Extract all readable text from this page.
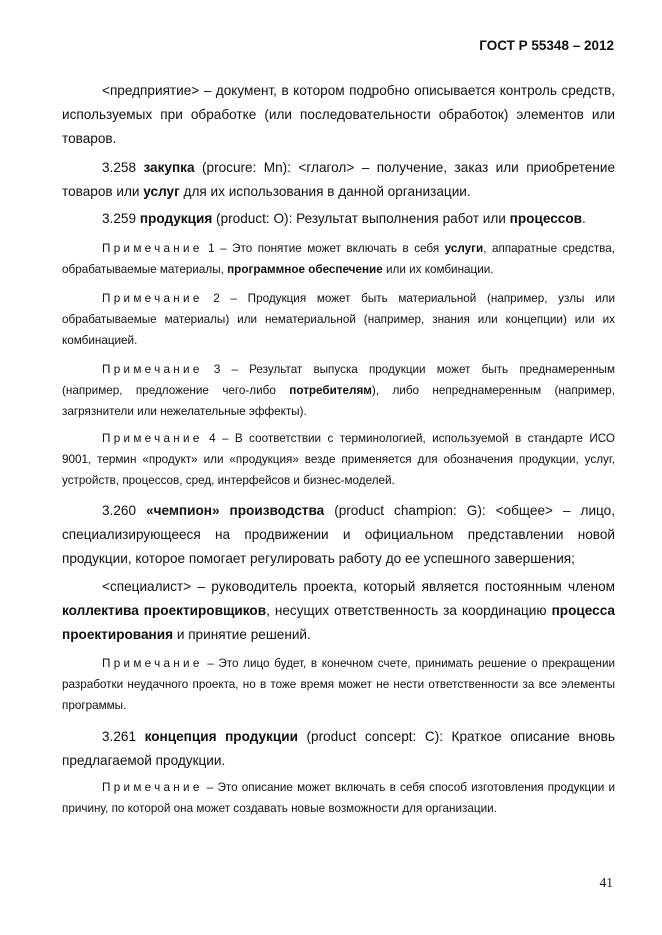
ГОСТ Р 55348 – 2012

<предприятие> – документ, в котором подробно описывается контроль средств, используемых при обработке (или последовательности обработок) элементов или товаров.

3.258 закупка (procure: Mn): <глагол> – получение, заказ или приобретение товаров или услуг для их использования в данной организации.

3.259 продукция (product: O): Результат выполнения работ или процессов.

Примечание 1 – Это понятие может включать в себя услуги, аппаратные средства, обрабатываемые материалы, программное обеспечение или их комбинации.

Примечание 2 – Продукция может быть материальной (например, узлы или обрабатываемые материалы) или нематериальной (например, знания или концепции) или их комбинацией.

Примечание 3 – Результат выпуска продукции может быть преднамеренным (например, предложение чего-либо потребителям), либо непреднамеренным (например, загрязнители или нежелательные эффекты).

Примечание 4 – В соответствии с терминологией, используемой в стандарте ИСО 9001, термин «продукт» или «продукция» везде применяется для обозначения продукции, услуг, устройств, процессов, сред, интерфейсов и бизнес-моделей.

3.260 «чемпион» производства (product champion: G): <общее> – лицо, специализирующееся на продвижении и официальном представлении новой продукции, которое помогает регулировать работу до ее успешного завершения;

<специалист> – руководитель проекта, который является постоянным членом коллектива проектировщиков, несущих ответственность за координацию процесса проектирования и принятие решений.

Примечание – Это лицо будет, в конечном счете, принимать решение о прекращении разработки неудачного проекта, но в тоже время может не нести ответственности за все элементы программы.

3.261 концепция продукции (product concept: C): Краткое описание вновь предлагаемой продукции.

Примечание – Это описание может включать в себя способ изготовления продукции и причину, по которой она может создавать новые возможности для организации.

41
